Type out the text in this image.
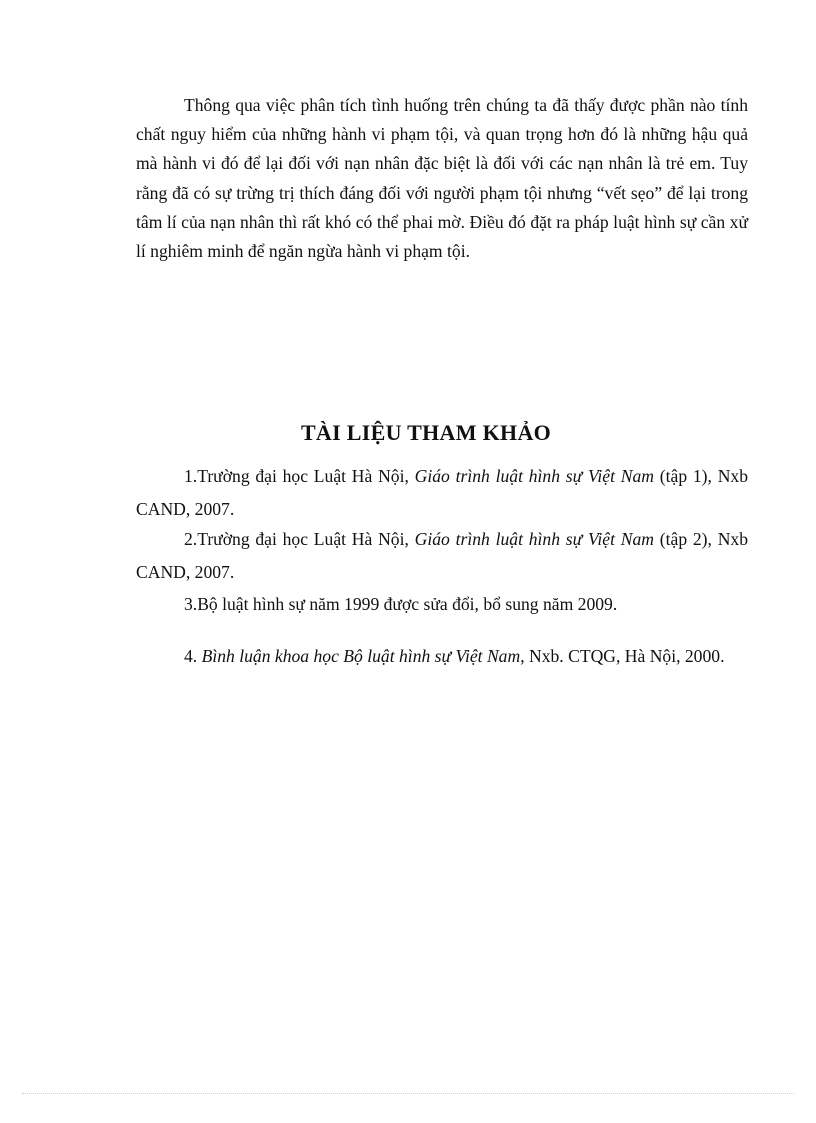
Thông qua việc phân tích tình huống trên chúng ta đã thấy được phần nào tính chất nguy hiểm của những hành vi phạm tội, và quan trọng hơn đó là những hậu quả mà hành vi đó để lại đối với nạn nhân đặc biệt là đối với các nạn nhân là trẻ em. Tuy rằng đã có sự trừng trị thích đáng đối với người phạm tội nhưng “vết sẹo” để lại trong tâm lí của nạn nhân thì rất khó có thể phai mờ. Điều đó đặt ra pháp luật hình sự cần xử lí nghiêm minh để ngăn ngừa hành vi phạm tội.

TÀI LIỆU THAM KHẢO

1.Trường đại học Luật Hà Nội, Giáo trình luật hình sự Việt Nam (tập 1), Nxb CAND, 2007.

2.Trường đại học Luật Hà Nội, Giáo trình luật hình sự Việt Nam (tập 2), Nxb CAND, 2007.

3.Bộ luật hình sự năm 1999 được sửa đổi, bổ sung năm 2009.

4. Bình luận khoa học Bộ luật hình sự Việt Nam, Nxb. CTQG, Hà Nội, 2000.
